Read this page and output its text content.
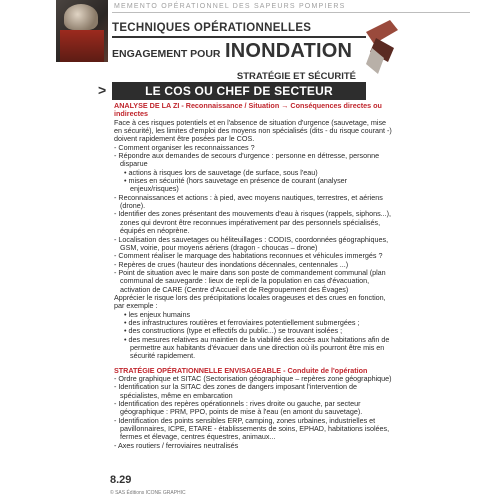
MEMENTO OPÉRATIONNEL DES SAPEURS POMPIERS
TECHNIQUES OPÉRATIONNELLES
ENGAGEMENT POUR INONDATION
STRATÉGIE ET SÉCURITÉ
>	LE COS OU CHEF DE SECTEUR

ANALYSE DE LA ZI - Reconnaissance / Situation → Conséquences directes ou indirectes

Face à ces risques potentiels et en l'absence de situation d'urgence (sauvetage, mise en sécurité), les limites d'emploi des moyens non spécialisés (dits - du risque courant -) doivent rapidement être posées par le COS.

- Comment organiser les reconnaissances ?

- Répondre aux demandes de secours d'urgence : personne en détresse, personne disparue

• actions à risques lors de sauvetage (de surface, sous l'eau)

• mises en sécurité (hors sauvetage en présence de courant (analyser enjeux/risques)

- Reconnaissances et actions : à pied, avec moyens nautiques, terrestres, et aériens (drone).

- Identifier des zones présentant des mouvements d'eau à risques (rappels, siphons...), zones qui devront être reconnues impérativement par des personnels spécialisés, équipés en néoprène.

- Localisation des sauvetages ou héliteuillages : CODIS, coordonnées géographiques, GSM, voirie, pour moyens aériens (dragon - choucas – drone)

- Comment réaliser le marquage des habitations reconnues et véhicules immergés ?

- Repères de crues (hauteur des inondations décennales, centennales ...)

- Point de situation avec le maire dans son poste de commandement communal (plan communal de sauvegarde : lieux de repli de la population en cas d'évacuation, activation de CARE (Centre d'Accueil et de Regroupement des Évages)

Apprécier le risque lors des précipitations locales orageuses et des crues en fonction, par exemple :

• les enjeux humains

• des infrastructures routières et ferroviaires potentiellement submergées ;

• des constructions (type et effectifs du public...) se trouvant isolées ;

• des mesures relatives au maintien de la viabilité des accès aux habitations afin de permettre aux habitants d'évacuer dans une direction où ils pourront être mis en sécurité rapidement.

STRATÉGIE OPÉRATIONNELLE ENVISAGEABLE - Conduite de l'opération

- Ordre graphique et SITAC (Sectorisation géographique – repères zone géographique)

- Identification sur la SITAC des zones de dangers imposant l'intervention de spécialistes, même en embarcation

- Identification des repères opérationnels : rives droite ou gauche, par secteur géographique : PRM, PPO, points de mise à l'eau (en amont du sauvetage).

- Identification des points sensibles ERP, camping, zones urbaines, industrielles et pavillonnaires, ICPE, ETARE - établissements de soins, EPHAD, habitations isolées, fermes et élevage, centres équestres, animaux...

- Axes routiers / ferroviaires neutralisés

8.29
© SAS Éditions ICONE GRAPHIC
